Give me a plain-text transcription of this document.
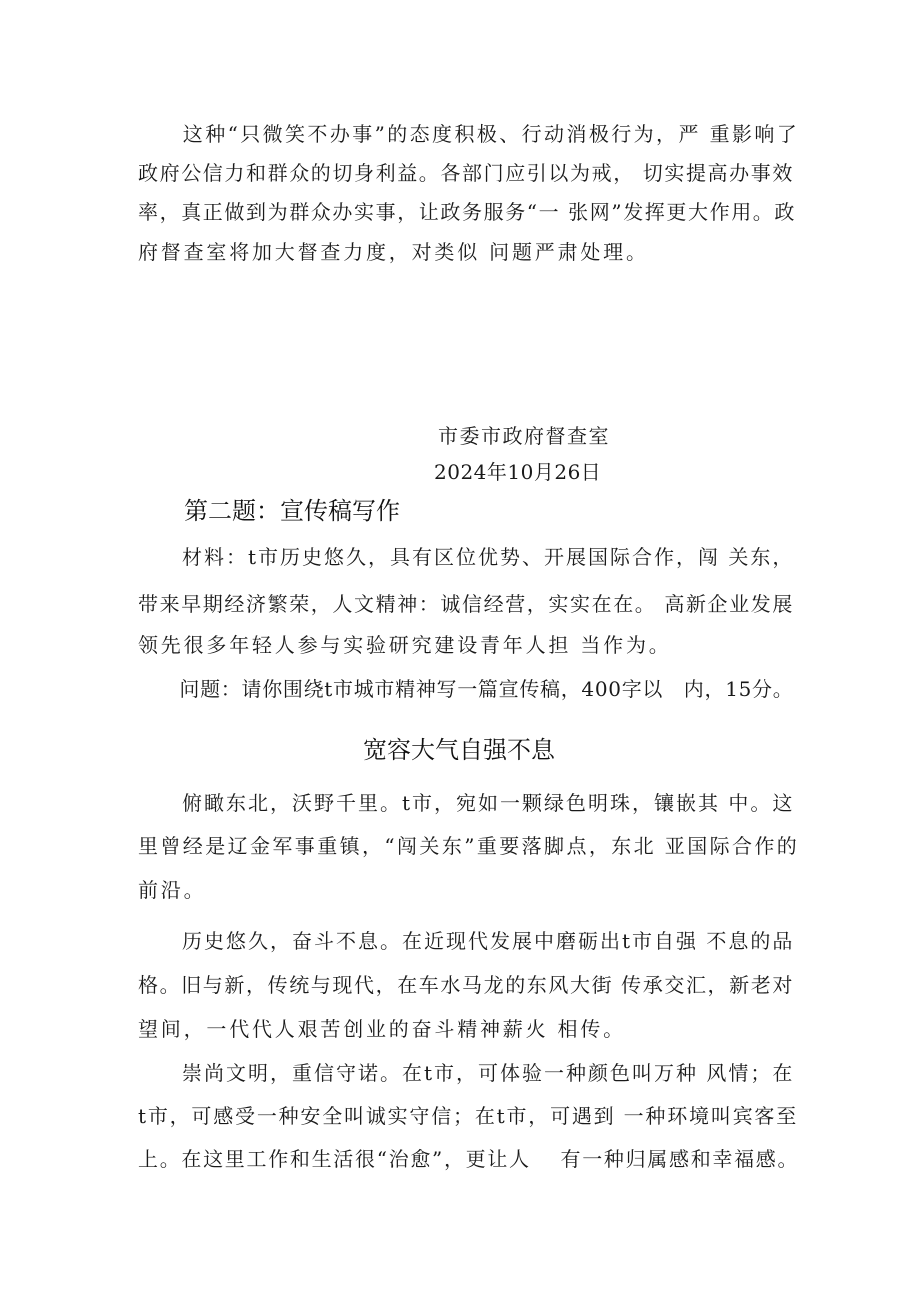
　　这种“只微笑不办事”的态度积极、行动消极行为，严 重影响了
政府公信力和群众的切身利益。各部门应引以为戒， 切实提高办事效
率，真正做到为群众办实事，让政务服务“一 张网”发挥更大作用。政
府督查室将加大督查力度，对类似 问题严肃处理。
市委市政府督查室
2024年10月26日
第二题：宣传稿写作
　　材料：t市历史悠久，具有区位优势、开展国际合作，闯 关东，
带来早期经济繁荣，人文精神：诚信经营，实实在在。 高新企业发展
领先很多年轻人参与实验研究建设青年人担 当作为。
　　问题：请你围绕t市城市精神写一篇宣传稿，400字以　内，15分。
宽容大气自强不息
　　俯瞰东北，沃野千里。t市，宛如一颗绿色明珠，镶嵌其 中。这
里曾经是辽金军事重镇，“闯关东”重要落脚点，东北 亚国际合作的
前沿。
　　历史悠久，奋斗不息。在近现代发展中磨砺出t市自强 不息的品
格。旧与新，传统与现代，在车水马龙的东风大街 传承交汇，新老对
望间，一代代人艰苦创业的奋斗精神薪火 相传。
　　崇尚文明，重信守诺。在t市，可体验一种颜色叫万种 风情；在
t市，可感受一种安全叫诚实守信；在t市，可遇到 一种环境叫宾客至
上。在这里工作和生活很“治愈”，更让人　 有一种归属感和幸福感。
